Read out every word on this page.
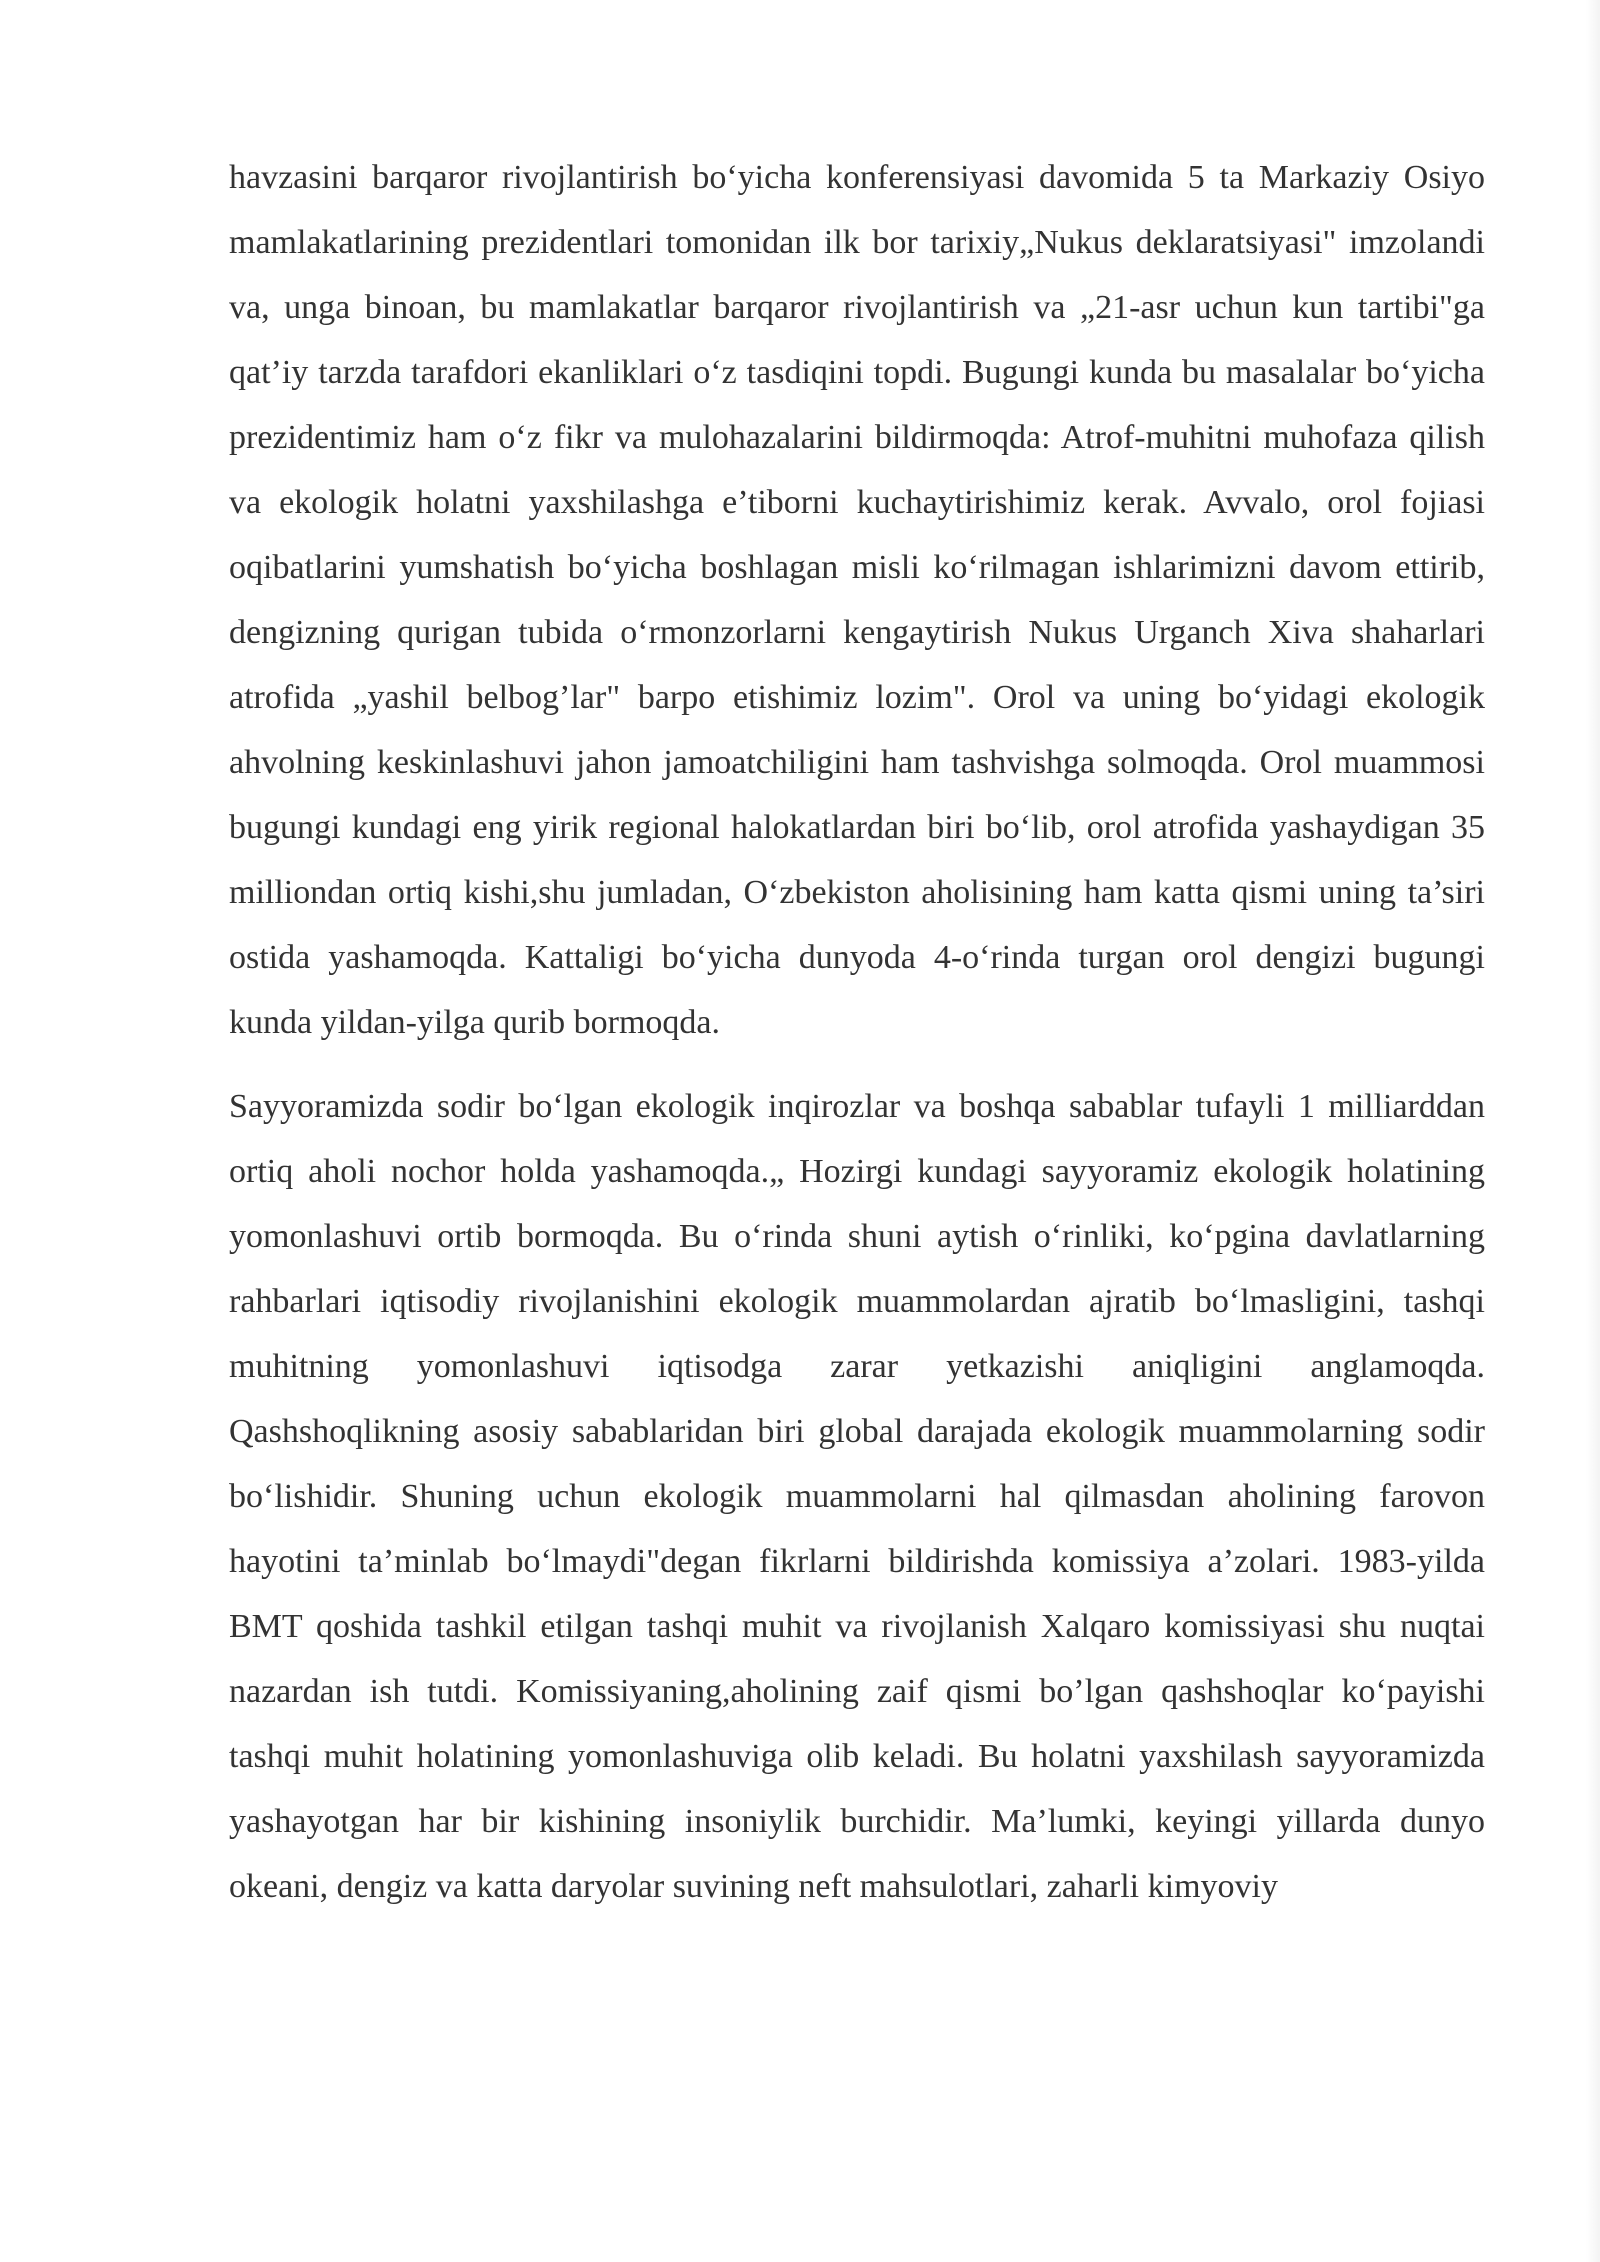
havzasini barqaror rivojlantirish bo‘yicha konferensiyasi davomida 5 ta Markaziy Osiyo mamlakatlarining prezidentlari tomonidan ilk bor tarixiy„Nukus deklaratsiyasi" imzolandi va, unga binoan, bu mamlakatlar barqaror rivojlantirish va „21-asr uchun kun tartibi"ga qat’iy tarzda tarafdori ekanliklari o‘z tasdiqini topdi. Bugungi kunda bu masalalar bo‘yicha prezidentimiz ham o‘z fikr va mulohazalarini bildirmoqda: Atrof-muhitni muhofaza qilish va ekologik holatni yaxshilashga e’tiborni kuchaytirishimiz kerak. Avvalo, orol fojiasi oqibatlarini yumshatish bo‘yicha boshlagan misli ko‘rilmagan ishlarimizni davom ettirib, dengizning qurigan tubida o‘rmonzorlarni kengaytirish Nukus Urganch Xiva shaharlari atrofida „yashil belbog’lar" barpo etishimiz lozim". Orol va uning bo‘yidagi ekologik ahvolning keskinlashuvi jahon jamoatchiligini ham tashvishga solmoqda. Orol muammosi bugungi kundagi eng yirik regional halokatlardan biri bo‘lib, orol atrofida yashaydigan 35 milliondan ortiq kishi,shu jumladan, O‘zbekiston aholisining ham katta qismi uning ta’siri ostida yashamoqda. Kattaligi bo‘yicha dunyoda 4-o‘rinda turgan orol dengizi bugungi kunda yildan-yilga qurib bormoqda.

Sayyoramizda sodir bo‘lgan ekologik inqirozlar va boshqa sabablar tufayli 1 milliarddan ortiq aholi nochor holda yashamoqda.„ Hozirgi kundagi sayyoramiz ekologik holatining yomonlashuvi ortib bormoqda. Bu o‘rinda shuni aytish o‘rinliki, ko‘pgina davlatlarning rahbarlari iqtisodiy rivojlanishini ekologik muammolardan ajratib bo‘lmasligini, tashqi muhitning yomonlashuvi iqtisodga zarar yetkazishi aniqligini anglamoqda. Qashshoqlikning asosiy sabablaridan biri global darajada ekologik muammolarning sodir bo‘lishidir. Shuning uchun ekologik muammolarni hal qilmasdan aholining farovon hayotini ta’minlab bo‘lmaydi"degan fikrlarni bildirishda komissiya a’zolari. 1983-yilda BMT qoshida tashkil etilgan tashqi muhit va rivojlanish Xalqaro komissiyasi shu nuqtai nazardan ish tutdi. Komissiyaning,aholining zaif qismi bo’lgan qashshoqlar ko‘payishi tashqi muhit holatining yomonlashuviga olib keladi. Bu holatni yaxshilash sayyoramizda yashayotgan har bir kishining insoniylik burchidir. Ma’lumki, keyingi yillarda dunyo okeani, dengiz va katta daryolar suvining neft mahsulotlari, zaharli kimyoviy
